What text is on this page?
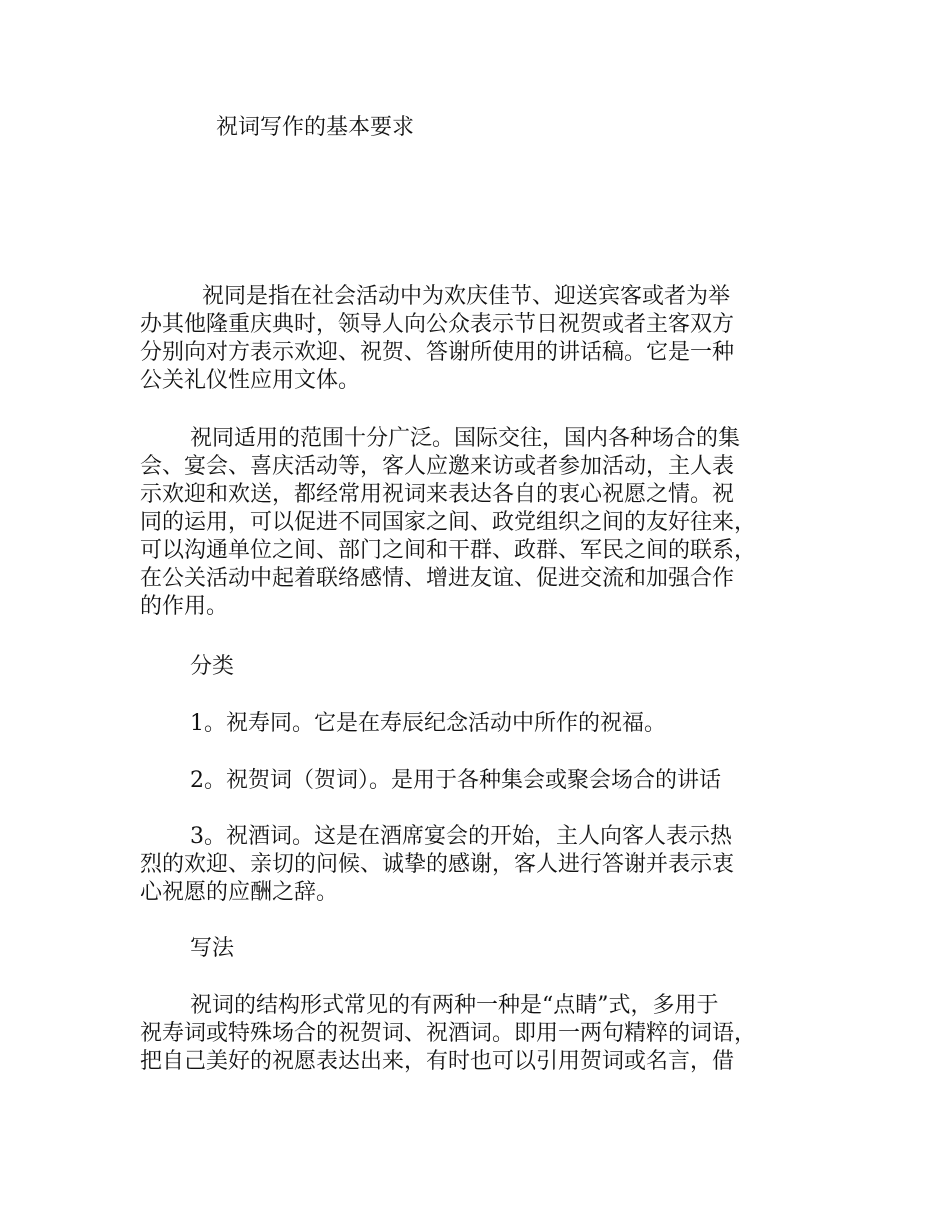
祝词写作的基本要求
祝同是指在社会活动中为欢庆佳节、迎送宾客或者为举
办其他隆重庆典时，领导人向公众表示节日祝贺或者主客双方
分别向对方表示欢迎、祝贺、答谢所使用的讲话稿。它是一种
公关礼仪性应用文体。
祝同适用的范围十分广泛。国际交往，国内各种场合的集
会、宴会、喜庆活动等，客人应邀来访或者参加活动，主人表
示欢迎和欢送，都经常用祝词来表达各自的衷心祝愿之情。祝
同的运用，可以促进不同国家之间、政党组织之间的友好往来，
可以沟通单位之间、部门之间和干群、政群、军民之间的联系，
在公关活动中起着联络感情、增进友谊、促进交流和加强合作
的作用。
分类
1。祝寿同。它是在寿辰纪念活动中所作的祝福。
2。祝贺词（贺词）。是用于各种集会或聚会场合的讲话
3。祝酒词。这是在酒席宴会的开始，主人向客人表示热
烈的欢迎、亲切的问候、诚挚的感谢，客人进行答谢并表示衷
心祝愿的应酬之辞。
写法
祝词的结构形式常见的有两种一种是“点睛”式，多用于
祝寿词或特殊场合的祝贺词、祝酒词。即用一两句精粹的词语，
把自己美好的祝愿表达出来，有时也可以引用贺词或名言，借
